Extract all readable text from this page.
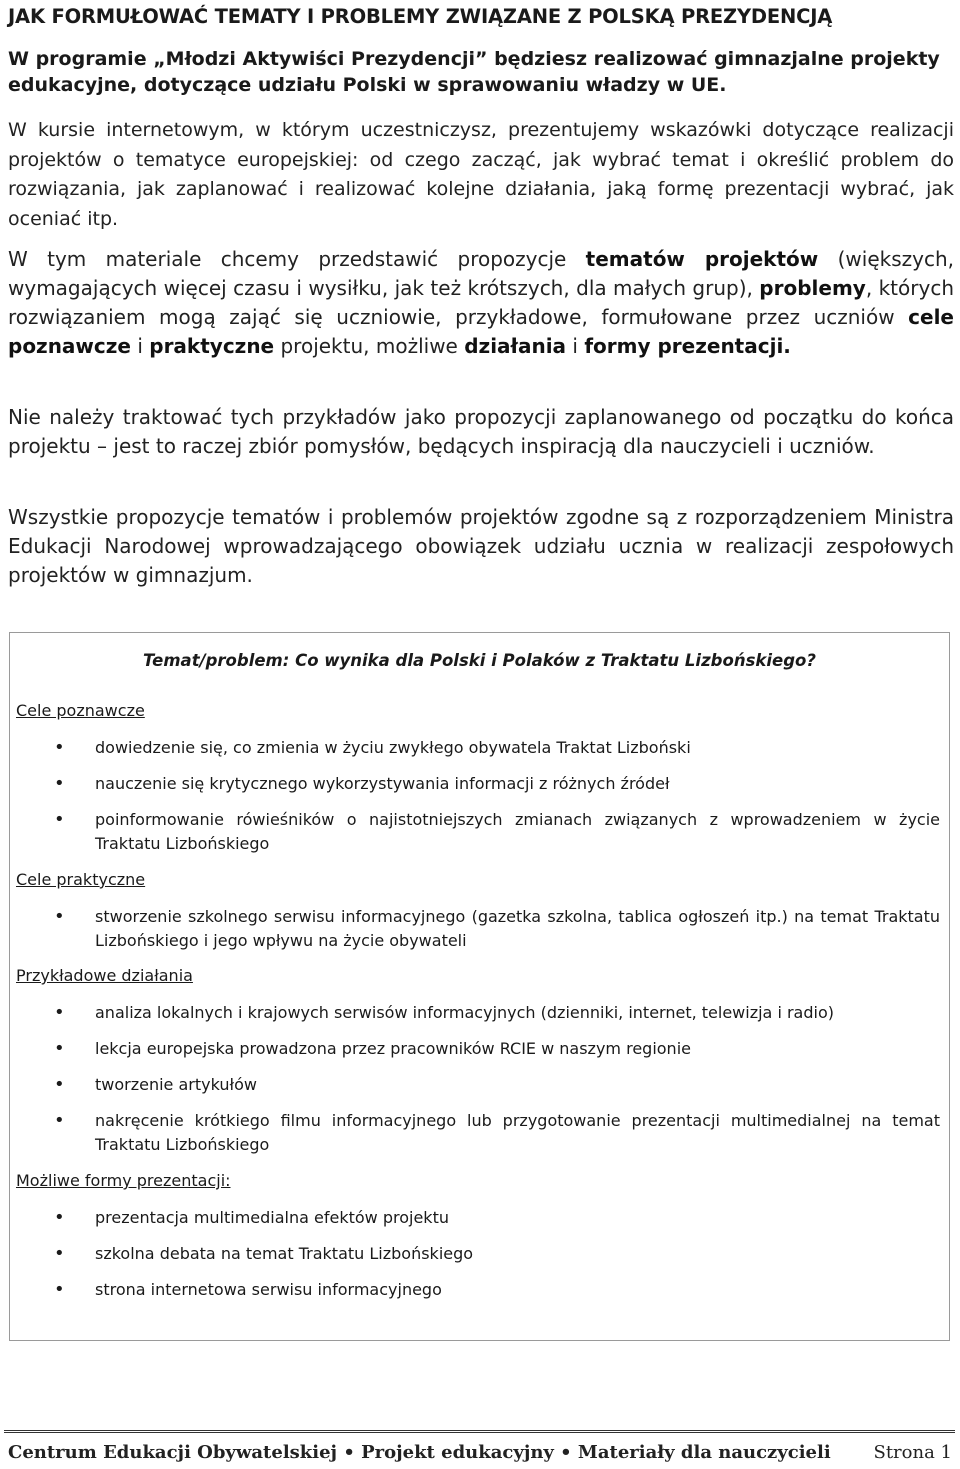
JAK FORMUŁOWAĆ TEMATY I PROBLEMY ZWIĄZANE Z POLSKĄ PREZYDENCJĄ

W programie „Młodzi Aktywiści Prezydencji” będziesz realizować gimnazjalne projekty edukacyjne, dotyczące udziału Polski w sprawowaniu władzy w UE.

W kursie internetowym, w którym uczestniczysz, prezentujemy wskazówki dotyczące realizacji projektów o tematyce europejskiej: od czego zacząć, jak wybrać temat i określić problem do rozwiązania, jak zaplanować i realizować kolejne działania, jaką formę prezentacji wybrać, jak oceniać itp.

W tym materiale chcemy przedstawić propozycje tematów projektów (większych, wymagających więcej czasu i wysiłku, jak też krótszych, dla małych grup), problemy, których rozwiązaniem mogą zająć się uczniowie, przykładowe, formułowane przez uczniów cele poznawcze i praktyczne projektu, możliwe działania i formy prezentacji.

Nie należy traktować tych przykładów jako propozycji zaplanowanego od początku do końca projektu – jest to raczej zbiór pomysłów, będących inspiracją dla nauczycieli i uczniów.

Wszystkie propozycje tematów i problemów projektów zgodne są z rozporządzeniem Ministra Edukacji Narodowej wprowadzającego obowiązek udziału ucznia w realizacji zespołowych projektów w gimnazjum.

Temat/problem: Co wynika dla Polski i Polaków z Traktatu Lizbońskiego?

Cele poznawcze

• dowiedzenie się, co zmienia w życiu zwykłego obywatela Traktat Lizboński
• nauczenie się krytycznego wykorzystywania informacji z różnych źródeł
• poinformowanie rówieśników o najistotniejszych zmianach związanych z wprowadzeniem w życie Traktatu Lizbońskiego

Cele praktyczne

• stworzenie szkolnego serwisu informacyjnego (gazetka szkolna, tablica ogłoszeń itp.) na temat Traktatu Lizbońskiego i jego wpływu na życie obywateli

Przykładowe działania

• analiza lokalnych i krajowych serwisów informacyjnych (dzienniki, internet, telewizja i radio)
• lekcja europejska prowadzona przez pracowników RCIE w naszym regionie
• tworzenie artykułów
• nakręcenie krótkiego filmu informacyjnego lub przygotowanie prezentacji multimedialnej na temat Traktatu Lizbońskiego

Możliwe formy prezentacji:

• prezentacja multimedialna efektów projektu
• szkolna debata na temat Traktatu Lizbońskiego
• strona internetowa serwisu informacyjnego
Centrum Edukacji Obywatelskiej • Projekt edukacyjny • Materiały dla nauczycieli Strona 1
